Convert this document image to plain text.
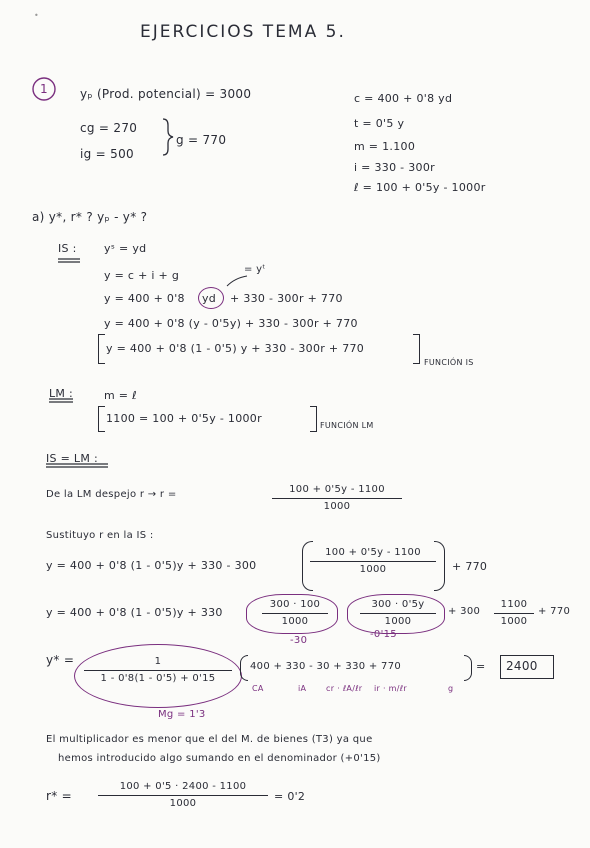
•
EJERCICIOS TEMA 5.
1	yₚ (Prod. potencial) = 3000
cg = 270
ig = 500
g = 770
c = 400 + 0'8 yd
t = 0'5 y
m = 1.100
i = 330 - 300r
ℓ = 100 + 0'5y - 1000r
a) y*, r* ? yₚ - y* ?
IS : yˢ = yd
y = c + i + g	= yᵗ
y = 400 + 0'8 yd + 330 - 300r + 770
y = 400 + 0'8 (y - 0'5y) + 330 - 300r + 770
y = 400 + 0'8 (1 - 0'5) y + 330 - 300r + 770
FUNCIÓN IS
LM :	m = ℓ
1100 = 100 + 0'5y - 1000r
FUNCIÓN LM
IS = LM :
De la LM despejo r → r =	100 + 0'5y - 1100
1000
Sustituyo r en la IS :
y = 400 + 0'8 (1 - 0'5)y + 330 - 300
100 + 0'5y - 1100
1000	+ 770
y = 400 + 0'8 (1 - 0'5)y + 330
300 · 100
1000
300 · 0'5y
1000
+ 300
1100
1000
+ 770
-30
-0'15
y* =	1
1 - 0'8(1 - 0'5) + 0'15
Mg = 1'3
400 + 330 - 30 + 330 + 770	= 2400
CA	iA cr · ℓA/ℓr ir · m/ℓr	g
El multiplicador es menor que el del M. de bienes (T3) ya que
hemos introducido algo sumando en el denominador (+0'15)
r* =
100 + 0'5 · 2400 - 1100
1000
= 0'2
